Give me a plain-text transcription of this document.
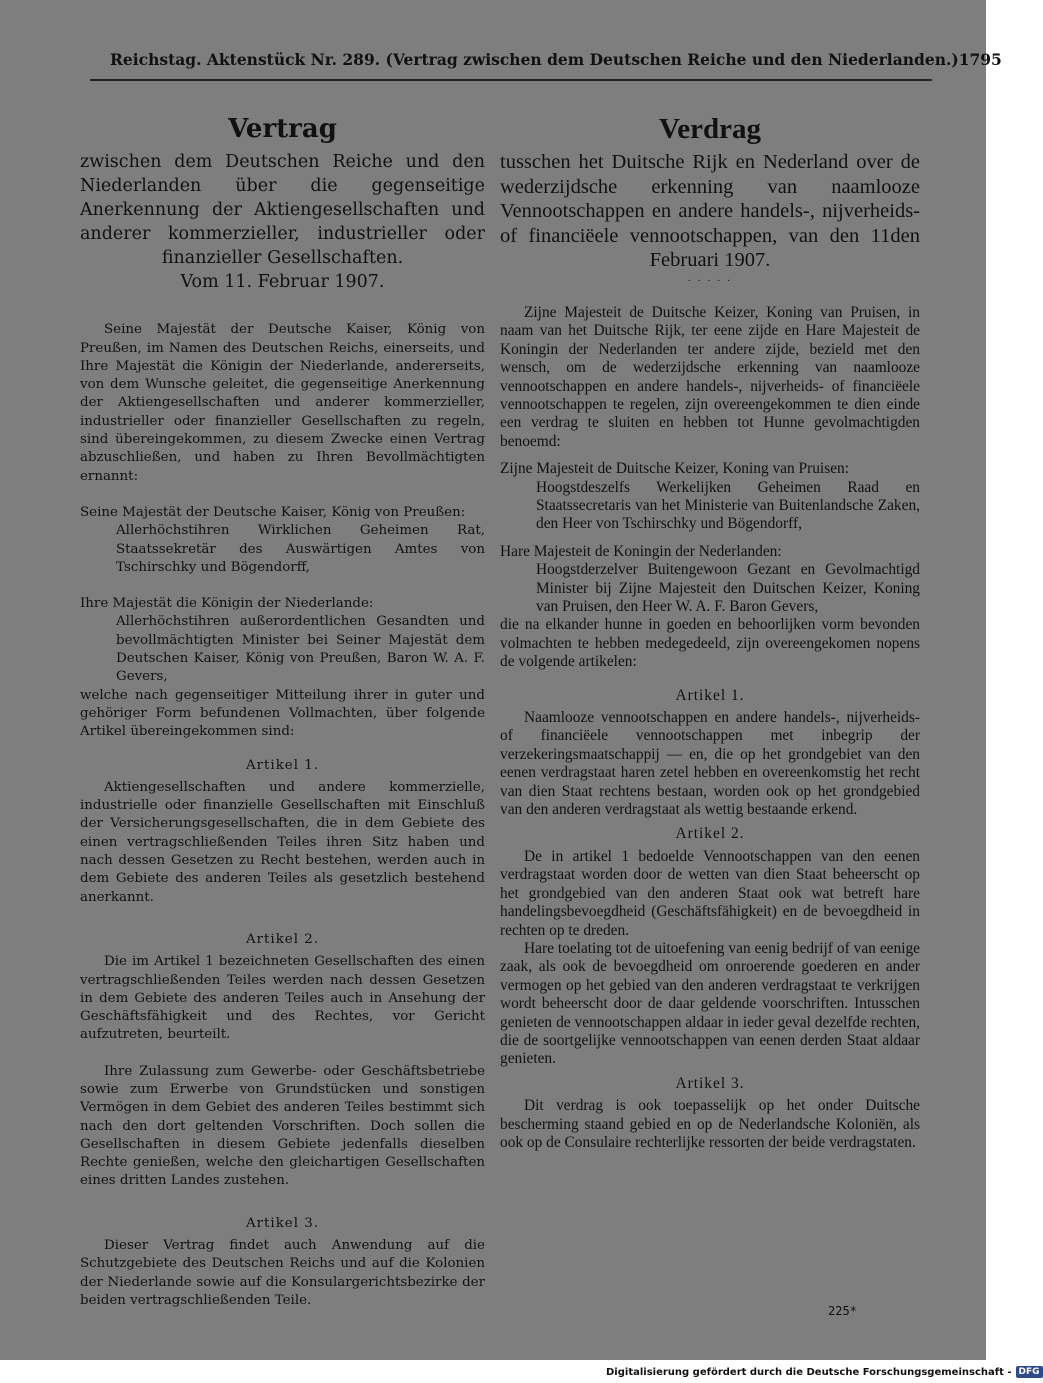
Reichstag. Aktenstück Nr. 289. (Vertrag zwischen dem Deutschen Reiche und den Niederlanden.) 1795
Vertrag

zwischen dem Deutschen Reiche und den Niederlanden über die gegenseitige Anerkennung der Aktiengesellschaften und anderer kommerzieller, industrieller oder finanzieller Gesellschaften.

Vom 11. Februar 1907.

Seine Majestät der Deutsche Kaiser, König von Preußen, im Namen des Deutschen Reichs, einerseits, und Ihre Majestät die Königin der Niederlande, andererseits, von dem Wunsche geleitet, die gegenseitige Anerkennung der Aktiengesellschaften und anderer kommerzieller, industrieller oder finanzieller Gesellschaften zu regeln, sind übereingekommen, zu diesem Zwecke einen Vertrag abzuschließen, und haben zu Ihren Bevollmächtigten ernannt:

Seine Majestät der Deutsche Kaiser, König von Preußen:

Allerhöchstihren Wirklichen Geheimen Rat, Staatssekretär des Auswärtigen Amtes von Tschirschky und Bögendorff,

Ihre Majestät die Königin der Niederlande:

Allerhöchstihren außerordentlichen Gesandten und bevollmächtigten Minister bei Seiner Majestät dem Deutschen Kaiser, König von Preußen, Baron W. A. F. Gevers,

welche nach gegenseitiger Mitteilung ihrer in guter und gehöriger Form befundenen Vollmachten, über folgende Artikel übereingekommen sind:

Artikel 1.

Aktiengesellschaften und andere kommerzielle, industrielle oder finanzielle Gesellschaften mit Einschluß der Versicherungsgesellschaften, die in dem Gebiete des einen vertragschließenden Teiles ihren Sitz haben und nach dessen Gesetzen zu Recht bestehen, werden auch in dem Gebiete des anderen Teiles als gesetzlich bestehend anerkannt.

Artikel 2.

Die im Artikel 1 bezeichneten Gesellschaften des einen vertragschließenden Teiles werden nach dessen Gesetzen in dem Gebiete des anderen Teiles auch in Ansehung der Geschäftsfähigkeit und des Rechtes, vor Gericht aufzutreten, beurteilt.

Ihre Zulassung zum Gewerbe- oder Geschäftsbetriebe sowie zum Erwerbe von Grundstücken und sonstigen Vermögen in dem Gebiet des anderen Teiles bestimmt sich nach den dort geltenden Vorschriften. Doch sollen die Gesellschaften in diesem Gebiete jedenfalls dieselben Rechte genießen, welche den gleichartigen Gesellschaften eines dritten Landes zustehen.

Artikel 3.

Dieser Vertrag findet auch Anwendung auf die Schutzgebiete des Deutschen Reichs und auf die Kolonien der Niederlande sowie auf die Konsulargerichtsbezirke der beiden vertragschließenden Teile.

Verdrag

tusschen het Duitsche Rijk en Nederland over de wederzijdsche erkenning van naamlooze Vennootschappen en andere handels-, nijverheids-of financiëele vennootschappen, van den 11den Februari 1907.

· · · · ·

Zijne Majesteit de Duitsche Keizer, Koning van Pruisen, in naam van het Duitsche Rijk, ter eene zijde en Hare Majesteit de Koningin der Nederlanden ter andere zijde, bezield met den wensch, om de wederzijdsche erkenning van naamlooze vennootschappen en andere handels-, nijverheids- of financiëele vennootschappen te regelen, zijn overeengekommen te dien einde een verdrag te sluiten en hebben tot Hunne gevolmachtigden benoemd:

Zijne Majesteit de Duitsche Keizer, Koning van Pruisen:

Hoogstdeszelfs Werkelijken Geheimen Raad en Staatssecretaris van het Ministerie van Buitenlandsche Zaken, den Heer von Tschirschky und Bögendorff,

Hare Majesteit de Koningin der Nederlanden:

Hoogstderzelver Buitengewoon Gezant en Gevolmachtigd Minister bij Zijne Majesteit den Duitschen Keizer, Koning van Pruisen, den Heer W. A. F. Baron Gevers,

die na elkander hunne in goeden en behoorlijken vorm bevonden volmachten te hebben medegedeeld, zijn overeengekomen nopens de volgende artikelen:

Artikel 1.

Naamlooze vennootschappen en andere handels-, nijverheids- of financiëele vennootschappen met inbegrip der verzekeringsmaatschappij — en, die op het grondgebiet van den eenen verdragstaat haren zetel hebben en overeenkomstig het recht van dien Staat rechtens bestaan, worden ook op het grondgebied van den anderen verdragstaat als wettig bestaande erkend.

Artikel 2.

De in artikel 1 bedoelde Vennootschappen van den eenen verdragstaat worden door de wetten van dien Staat beheerscht op het grondgebied van den anderen Staat ook wat betreft hare handelingsbevoegdheid (Geschäftsfähigkeit) en de bevoegdheid in rechten op te dreden.

Hare toelating tot de uitoefening van eenig bedrijf of van eenige zaak, als ook de bevoegdheid om onroerende goederen en ander vermogen op het gebied van den anderen verdragstaat te verkrijgen wordt beheerscht door de daar geldende voorschriften. Intusschen genieten de vennootschappen aldaar in ieder geval dezelfde rechten, die de soortgelijke vennootschappen van eenen derden Staat aldaar genieten.

Artikel 3.

Dit verdrag is ook toepasselijk op het onder Duitsche bescherming staand gebied en op de Nederlandsche Koloniën, als ook op de Consulaire rechterlijke ressorten der beide verdragstaten.

225*
Digitalisierung gefördert durch die Deutsche Forschungsgemeinschaft - DFG
